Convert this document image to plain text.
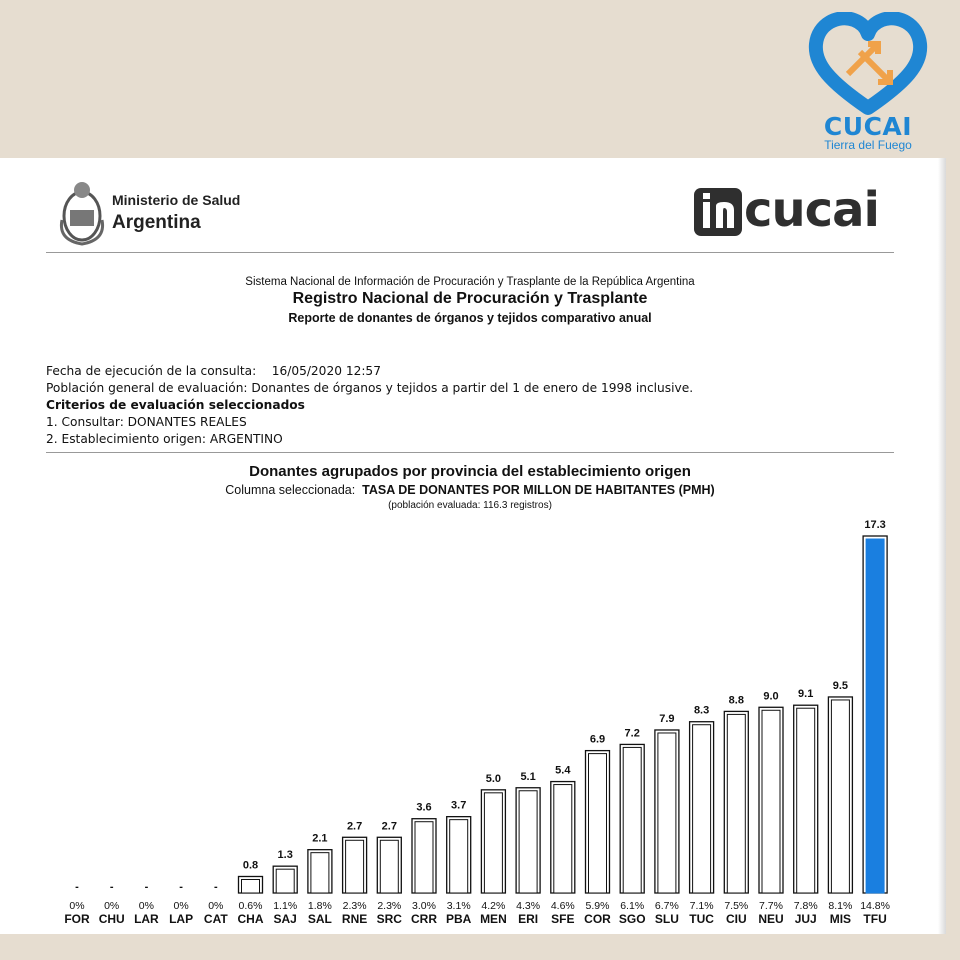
CUCAI
Tierra del Fuego
Ministerio de Salud
Argentina	cucai
Sistema Nacional de Información de Procuración y Trasplante de la República Argentina
Registro Nacional de Procuración y Trasplante
Reporte de donantes de órganos y tejidos comparativo anual
Fecha de ejecución de la consulta: 16/05/2020 12:57
Población general de evaluación: Donantes de órganos y tejidos a partir del 1 de enero de 1998 inclusive.
Criterios de evaluación seleccionados
1. Consultar: DONANTES REALES
2. Establecimiento origen: ARGENTINO
Donantes agrupados por provincia del establecimiento origen
Columna seleccionada: TASA DE DONANTES POR MILLON DE HABITANTES (PMH)
(población evaluada: 116.3 registros)
-
0%
FOR
-
0%
CHU
-
0%
LAR
-
0%
LAP
-
0%
CAT
0.8
0.6%
CHA
1.3
1.1%
SAJ
2.1
1.8%
SAL
2.7
2.3%
RNE
2.7
2.3%
SRC
3.6
3.0%
CRR
3.7
3.1%
PBA
5.0
4.2%
MEN
5.1
4.3%
ERI
5.4
4.6%
SFE
6.9
5.9%
COR
7.2
6.1%
SGO
7.9
6.7%
SLU
8.3
7.1%
TUC
8.8
7.5%
CIU
9.0
7.7%
NEU
9.1
7.8%
JUJ
9.5
8.1%
MIS
17.3
14.8%
TFU
